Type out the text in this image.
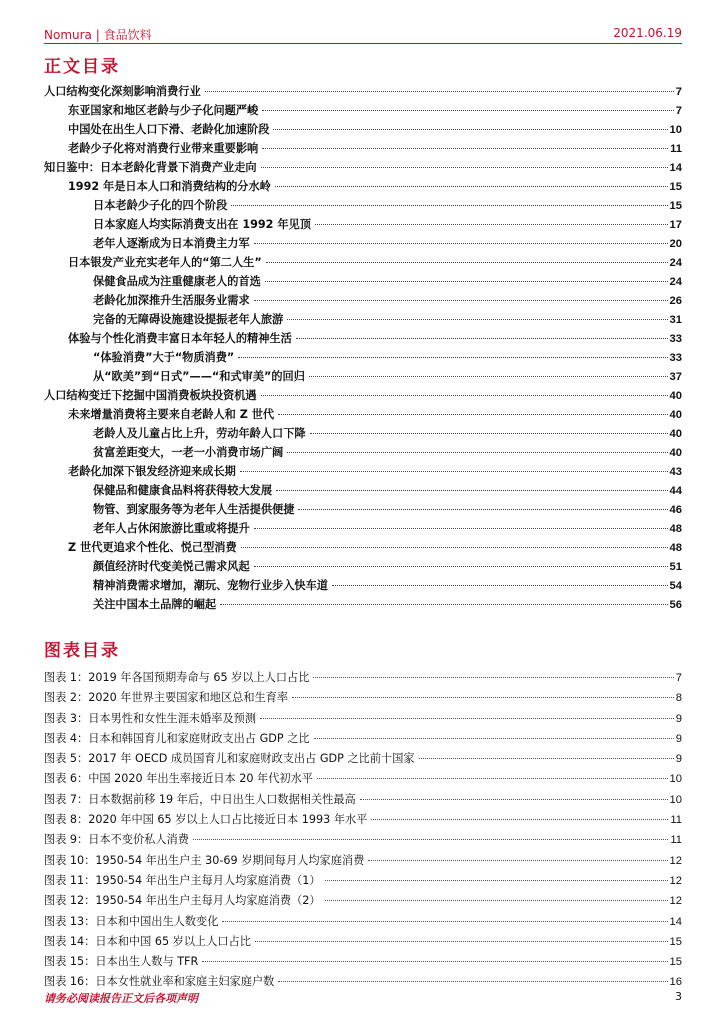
Nomura | 食品饮料	2021.06.19
正文目录
人口结构变化深刻影响消费行业	7
东亚国家和地区老龄与少子化问题严峻	7
中国处在出生人口下滑、老龄化加速阶段	10
老龄少子化将对消费行业带来重要影响	11
知日鉴中：日本老龄化背景下消费产业走向	14
1992 年是日本人口和消费结构的分水岭	15
日本老龄少子化的四个阶段	15
日本家庭人均实际消费支出在 1992 年见顶	17
老年人逐渐成为日本消费主力军	20
日本银发产业充实老年人的“第二人生”	24
保健食品成为注重健康老人的首选	24
老龄化加深推升生活服务业需求	26
完备的无障碍设施建设提振老年人旅游	31
体验与个性化消费丰富日本年轻人的精神生活	33
“体验消费”大于“物质消费”	33
从“欧美”到“日式”——“和式审美”的回归	37
人口结构变迁下挖掘中国消费板块投资机遇	40
未来增量消费将主要来自老龄人和 Z 世代	40
老龄人及儿童占比上升，劳动年龄人口下降	40
贫富差距变大，一老一小消费市场广阔	40
老龄化加深下银发经济迎来成长期	43
保健品和健康食品料将获得较大发展	44
物管、到家服务等为老年人生活提供便捷	46
老年人占休闲旅游比重或将提升	48
Z 世代更追求个性化、悦己型消费	48
颜值经济时代变美悦己需求风起	51
精神消费需求增加，潮玩、宠物行业步入快车道	54
关注中国本土品牌的崛起	56
图表目录
图表 1：2019 年各国预期寿命与 65 岁以上人口占比	7
图表 2：2020 年世界主要国家和地区总和生育率	8
图表 3：日本男性和女性生涯未婚率及预测	9
图表 4：日本和韩国育儿和家庭财政支出占 GDP 之比	9
图表 5：2017 年 OECD 成员国育儿和家庭财政支出占 GDP 之比前十国家	9
图表 6：中国 2020 年出生率接近日本 20 年代初水平	10
图表 7：日本数据前移 19 年后，中日出生人口数据相关性最高	10
图表 8：2020 年中国 65 岁以上人口占比接近日本 1993 年水平	11
图表 9：日本不变价私人消费	11
图表 10：1950-54 年出生户主 30-69 岁期间每月人均家庭消费	12
图表 11：1950-54 年出生户主每月人均家庭消费（1）	12
图表 12：1950-54 年出生户主每月人均家庭消费（2）	12
图表 13：日本和中国出生人数变化	14
图表 14：日本和中国 65 岁以上人口占比	15
图表 15：日本出生人数与 TFR	15
图表 16：日本女性就业率和家庭主妇家庭户数	16
请务必阅读报告正文后各项声明	3
